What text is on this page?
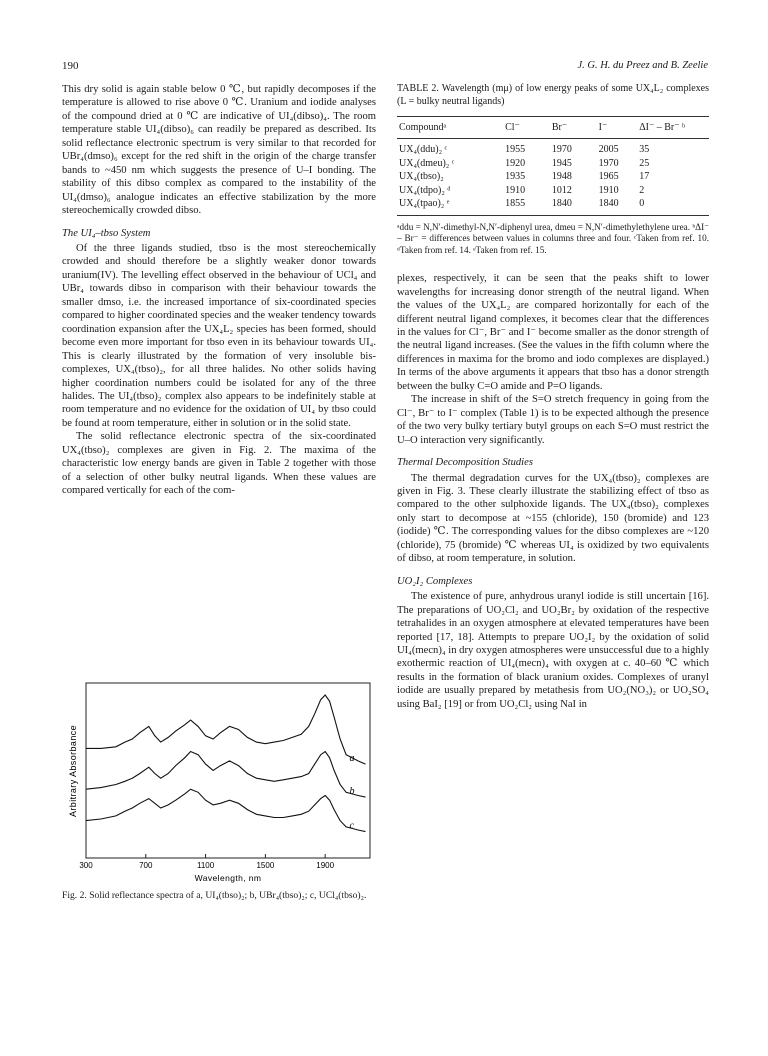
190	J. G. H. du Preez and B. Zeelie

This dry solid is again stable below 0 ℃, but rapidly decomposes if the temperature is allowed to rise above 0 ℃. Uranium and iodide analyses of the compound dried at 0 ℃ are indicative of UI₄(dibso)₄. The room temperature stable UI₄(dibso)₆ can readily be prepared as described. Its solid reflectance electronic spectrum is very similar to that recorded for UBr₄(dmso)₆ except for the red shift in the origin of the charge transfer bands to ~450 nm which suggests the presence of U–I bonding. The stability of this dibso complex as compared to the instability of the UI₄(dmso)₆ analogue indicates an effective stabilization by the more stereochemically crowded dibso.

The UI₄–tbso System

Of the three ligands studied, tbso is the most stereochemically crowded and should therefore be a slightly weaker donor towards uranium(IV). The levelling effect observed in the behaviour of UCl₄ and UBr₄ towards dibso in comparison with their behaviour towards the smaller dmso, i.e. the increased importance of six-coordinated species compared to higher coordinated species and the weaker tendency towards coordination expansion after the UX₄L₂ species has been formed, should become even more important for tbso even in its behaviour towards UI₄. This is clearly illustrated by the formation of very insoluble bis-complexes, UX₄(tbso)₂, for all three halides. No other solids having higher coordination numbers could be isolated for any of the three halides. The UI₄(tbso)₂ complex also appears to be indefinitely stable at room temperature and no evidence for the oxidation of UI₄ by tbso could be found at room temperature, either in solution or in the solid state.

The solid reflectance electronic spectra of the six-coordinated UX₄(tbso)₂ complexes are given in Fig. 2. The maxima of the characteristic low energy bands are given in Table 2 together with those of a selection of other bulky neutral ligands. When these values are compared vertically for each of the com-

300	700	1100	1500	1900
a
b
c
Arbitrary Absorbance
Wavelength, nm
Fig. 2. Solid reflectance spectra of a, UI₄(tbso)₂; b, UBr₄(tbso)₂; c, UCl₄(tbso)₂.
TABLE 2. Wavelength (mμ) of low energy peaks of some UX₄L₂ complexes (L = bulky neutral ligands)
Compoundᵃ	Cl⁻	Br⁻	I⁻	ΔI⁻ – Br⁻ ᵇ
UX₄(ddu)₂ ᶜ	1955	1970	2005	35
UX₄(dmeu)₂ ᶜ	1920	1945	1970	25
UX₄(tbso)₂	1935	1948	1965	17
UX₄(tdpo)₂ ᵈ	1910	1012	1910	2
UX₄(tpao)₂ ᵉ	1855	1840	1840	0
ᵃddu = N,N′-dimethyl-N,N′-diphenyl urea, dmeu = N,N′-dimethylethylene urea. ᵇΔI⁻ – Br⁻ = differences between values in columns three and four. ᶜTaken from ref. 10. ᵈTaken from ref. 14. ᵉTaken from ref. 15.

plexes, respectively, it can be seen that the peaks shift to lower wavelengths for increasing donor strength of the neutral ligand. When the values of the UX₄L₂ are compared horizontally for each of the different neutral ligand complexes, it becomes clear that the differences in the values for Cl⁻, Br⁻ and I⁻ become smaller as the donor strength of the neutral ligand increases. (See the values in the fifth column where the differences in maxima for the bromo and iodo complexes are displayed.) In terms of the above arguments it appears that tbso has a donor strength between the bulky C=O amide and P=O ligands.

The increase in shift of the S=O stretch frequency in going from the Cl⁻, Br⁻ to I⁻ complex (Table 1) is to be expected although the presence of the two very bulky tertiary butyl groups on each S=O must restrict the U–O interaction very significantly.

Thermal Decomposition Studies

The thermal degradation curves for the UX₄(tbso)₂ complexes are given in Fig. 3. These clearly illustrate the stabilizing effect of tbso as compared to the other sulphoxide ligands. The UX₄(tbso)₂ complexes only start to decompose at ~155 (chloride), 150 (bromide) and 123 (iodide) ℃. The corresponding values for the dibso complexes are ~120 (chloride), 75 (bromide) ℃ whereas UI₄ is oxidized by two equivalents of dibso, at room temperature, in solution.

UO₂I₂ Complexes

The existence of pure, anhydrous uranyl iodide is still uncertain [16]. The preparations of UO₂Cl₂ and UO₂Br₂ by oxidation of the respective tetrahalides in an oxygen atmosphere at elevated temperatures have been reported [17, 18]. Attempts to prepare UO₂I₂ by the oxidation of solid UI₄(mecn)₄ in dry oxygen atmospheres were unsuccessful due to a highly exothermic reaction of UI₄(mecn)₄ with oxygen at c. 40–60 ℃ which results in the formation of black uranium oxides. Complexes of uranyl iodide are usually prepared by metathesis from UO₂(NO₃)₂ or UO₂SO₄ using BaI₂ [19] or from UO₂Cl₂ using NaI in
